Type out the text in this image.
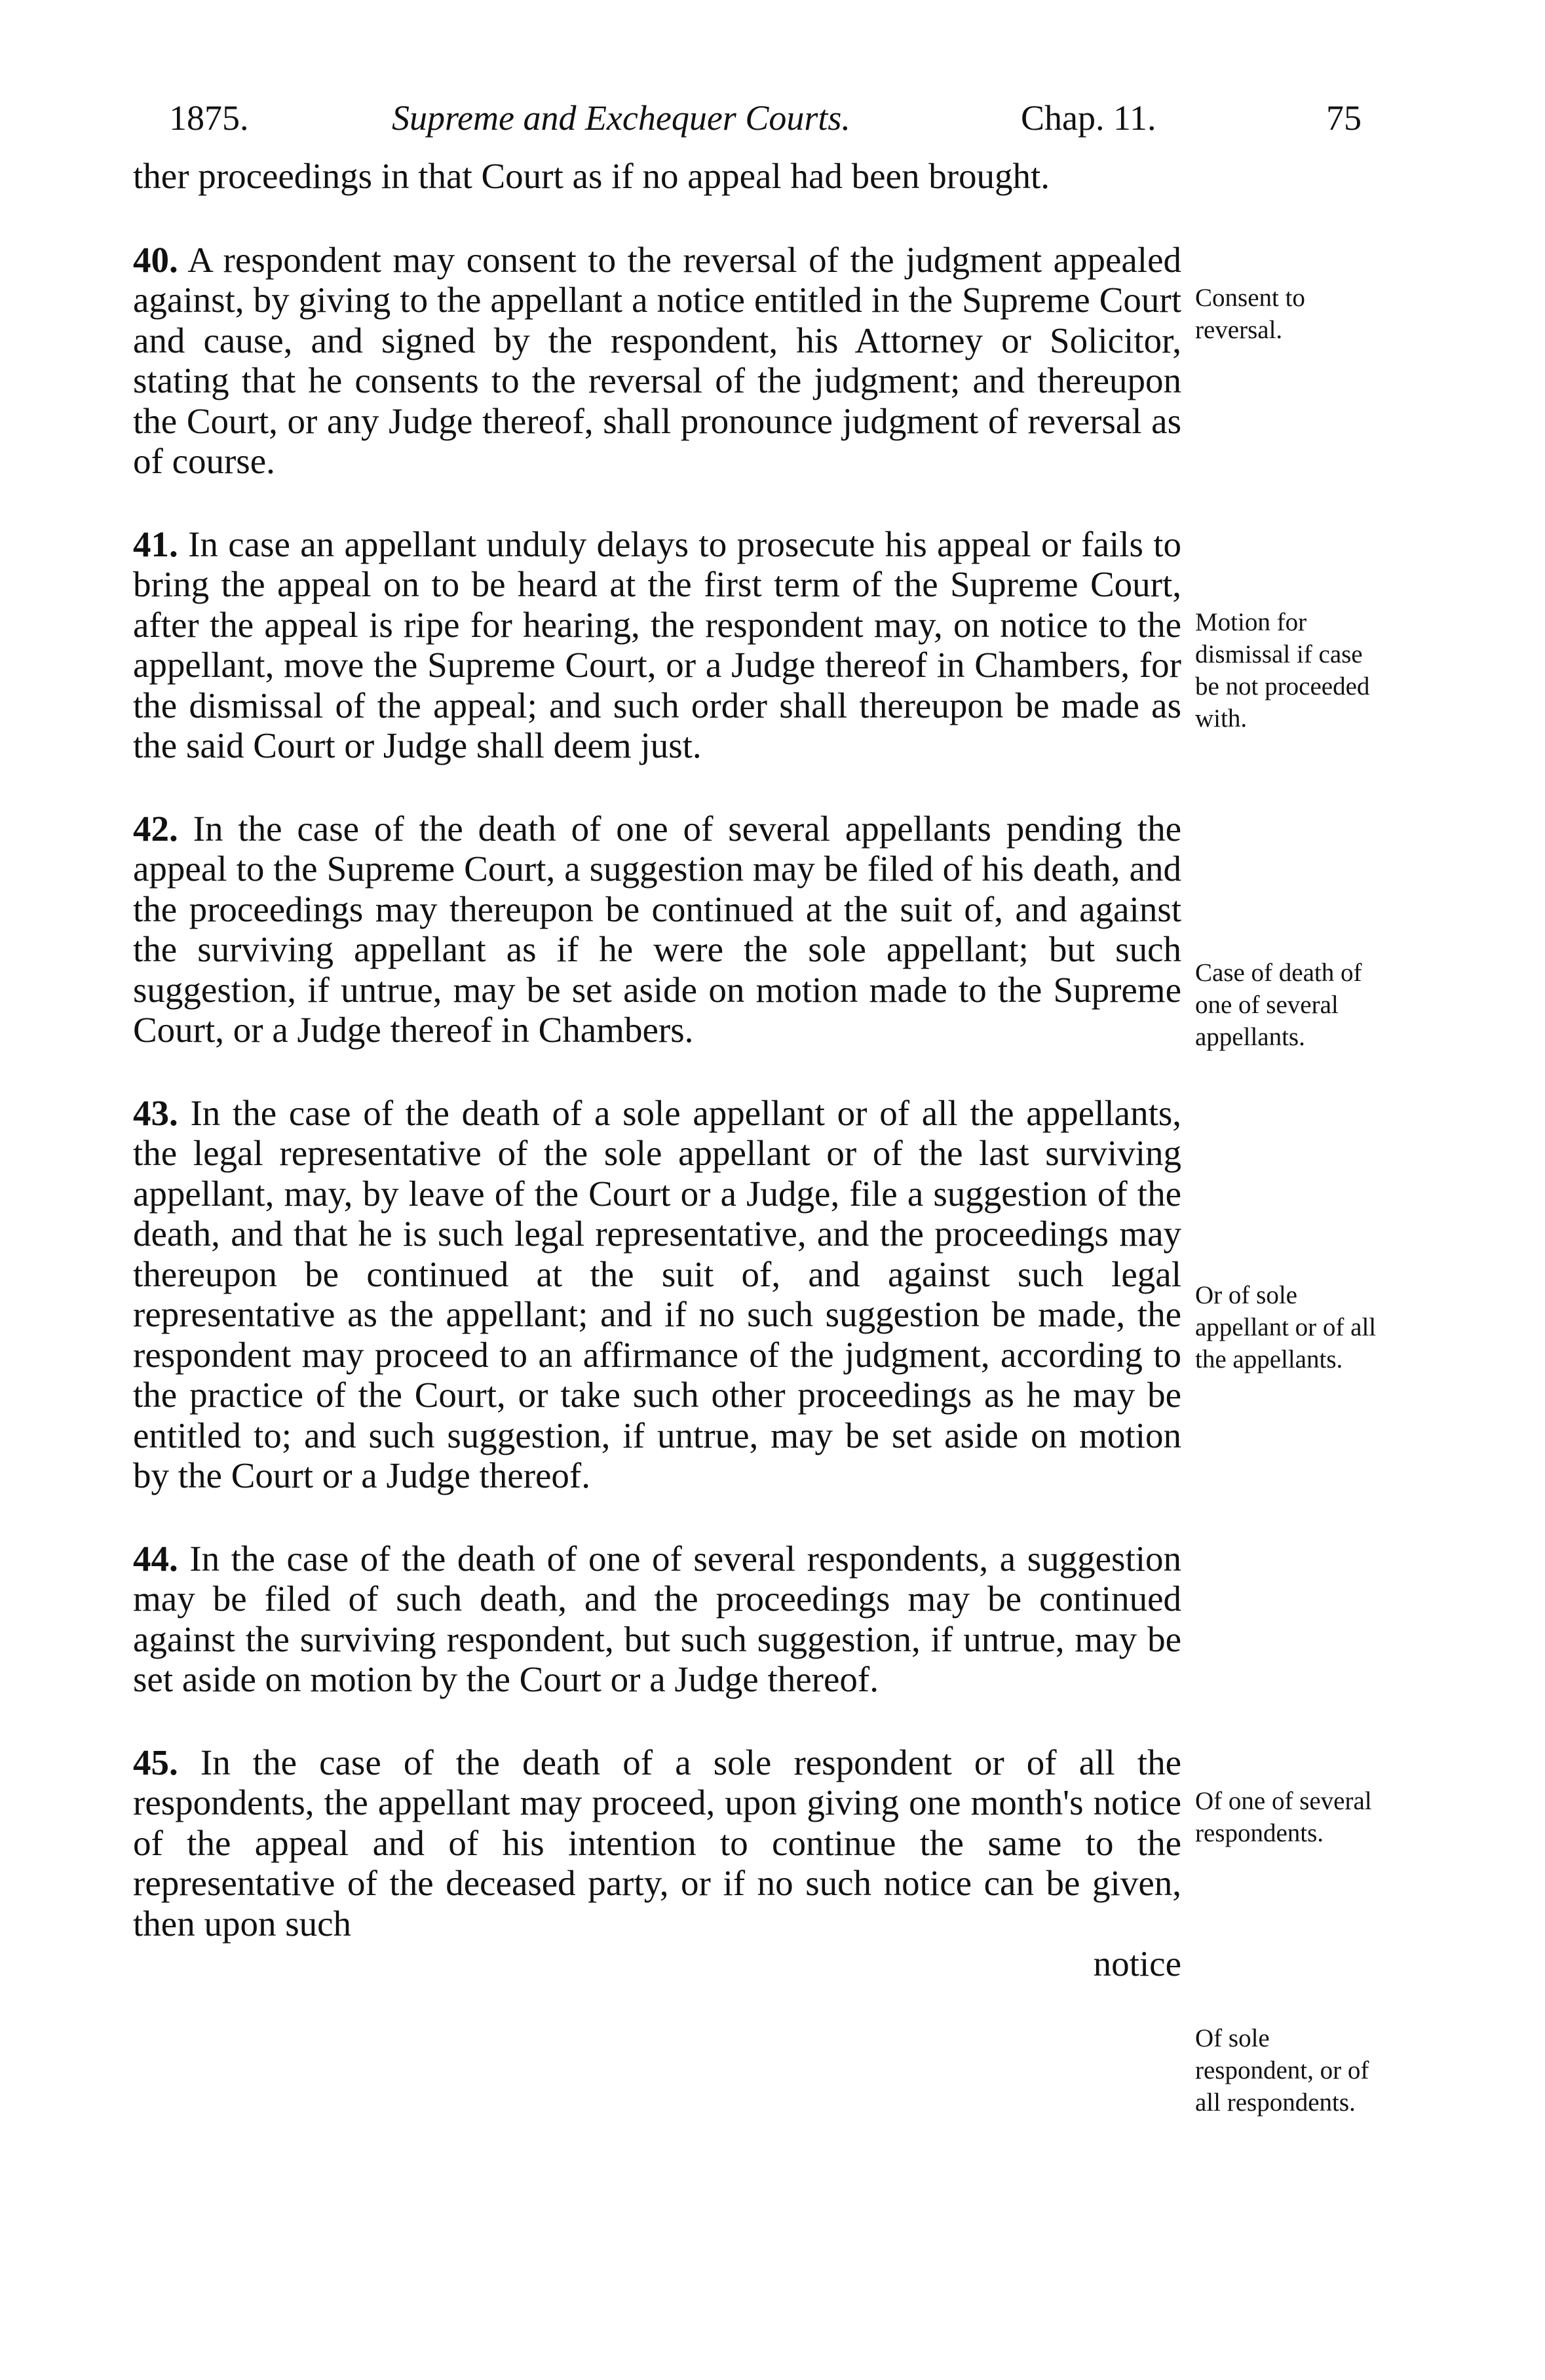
1875.	Supreme and Exchequer Courts.	Chap. 11.	75

ther proceedings in that Court as if no appeal had been brought.

40. A respondent may consent to the reversal of the judgment appealed against, by giving to the appellant a notice entitled in the Supreme Court and cause, and signed by the respondent, his Attorney or Solicitor, stating that he consents to the reversal of the judgment; and thereupon the Court, or any Judge thereof, shall pronounce judgment of reversal as of course.

41. In case an appellant unduly delays to prosecute his appeal or fails to bring the appeal on to be heard at the first term of the Supreme Court, after the appeal is ripe for hearing, the respondent may, on notice to the appellant, move the Supreme Court, or a Judge thereof in Chambers, for the dismissal of the appeal; and such order shall thereupon be made as the said Court or Judge shall deem just.

42. In the case of the death of one of several appellants pending the appeal to the Supreme Court, a suggestion may be filed of his death, and the proceedings may thereupon be continued at the suit of, and against the surviving appellant as if he were the sole appellant; but such suggestion, if untrue, may be set aside on motion made to the Supreme Court, or a Judge thereof in Chambers.

43. In the case of the death of a sole appellant or of all the appellants, the legal representative of the sole appellant or of the last surviving appellant, may, by leave of the Court or a Judge, file a suggestion of the death, and that he is such legal representative, and the proceedings may thereupon be continued at the suit of, and against such legal representative as the appellant; and if no such suggestion be made, the respondent may proceed to an affirmance of the judgment, according to the practice of the Court, or take such other proceedings as he may be entitled to; and such suggestion, if untrue, may be set aside on motion by the Court or a Judge thereof.

44. In the case of the death of one of several respondents, a suggestion may be filed of such death, and the proceedings may be continued against the surviving respondent, but such suggestion, if untrue, may be set aside on motion by the Court or a Judge thereof.

45. In the case of the death of a sole respondent or of all the respondents, the appellant may proceed, upon giving one month's notice of the appeal and of his intention to continue the same to the representative of the deceased party, or if no such notice can be given, then upon such

notice

Consent to reversal.
Motion for dismissal if case be not proceeded with.
Case of death of one of several appellants.
Or of sole appellant or of all the appellants.
Of one of several respondents.
Of sole respondent, or of all respondents.
